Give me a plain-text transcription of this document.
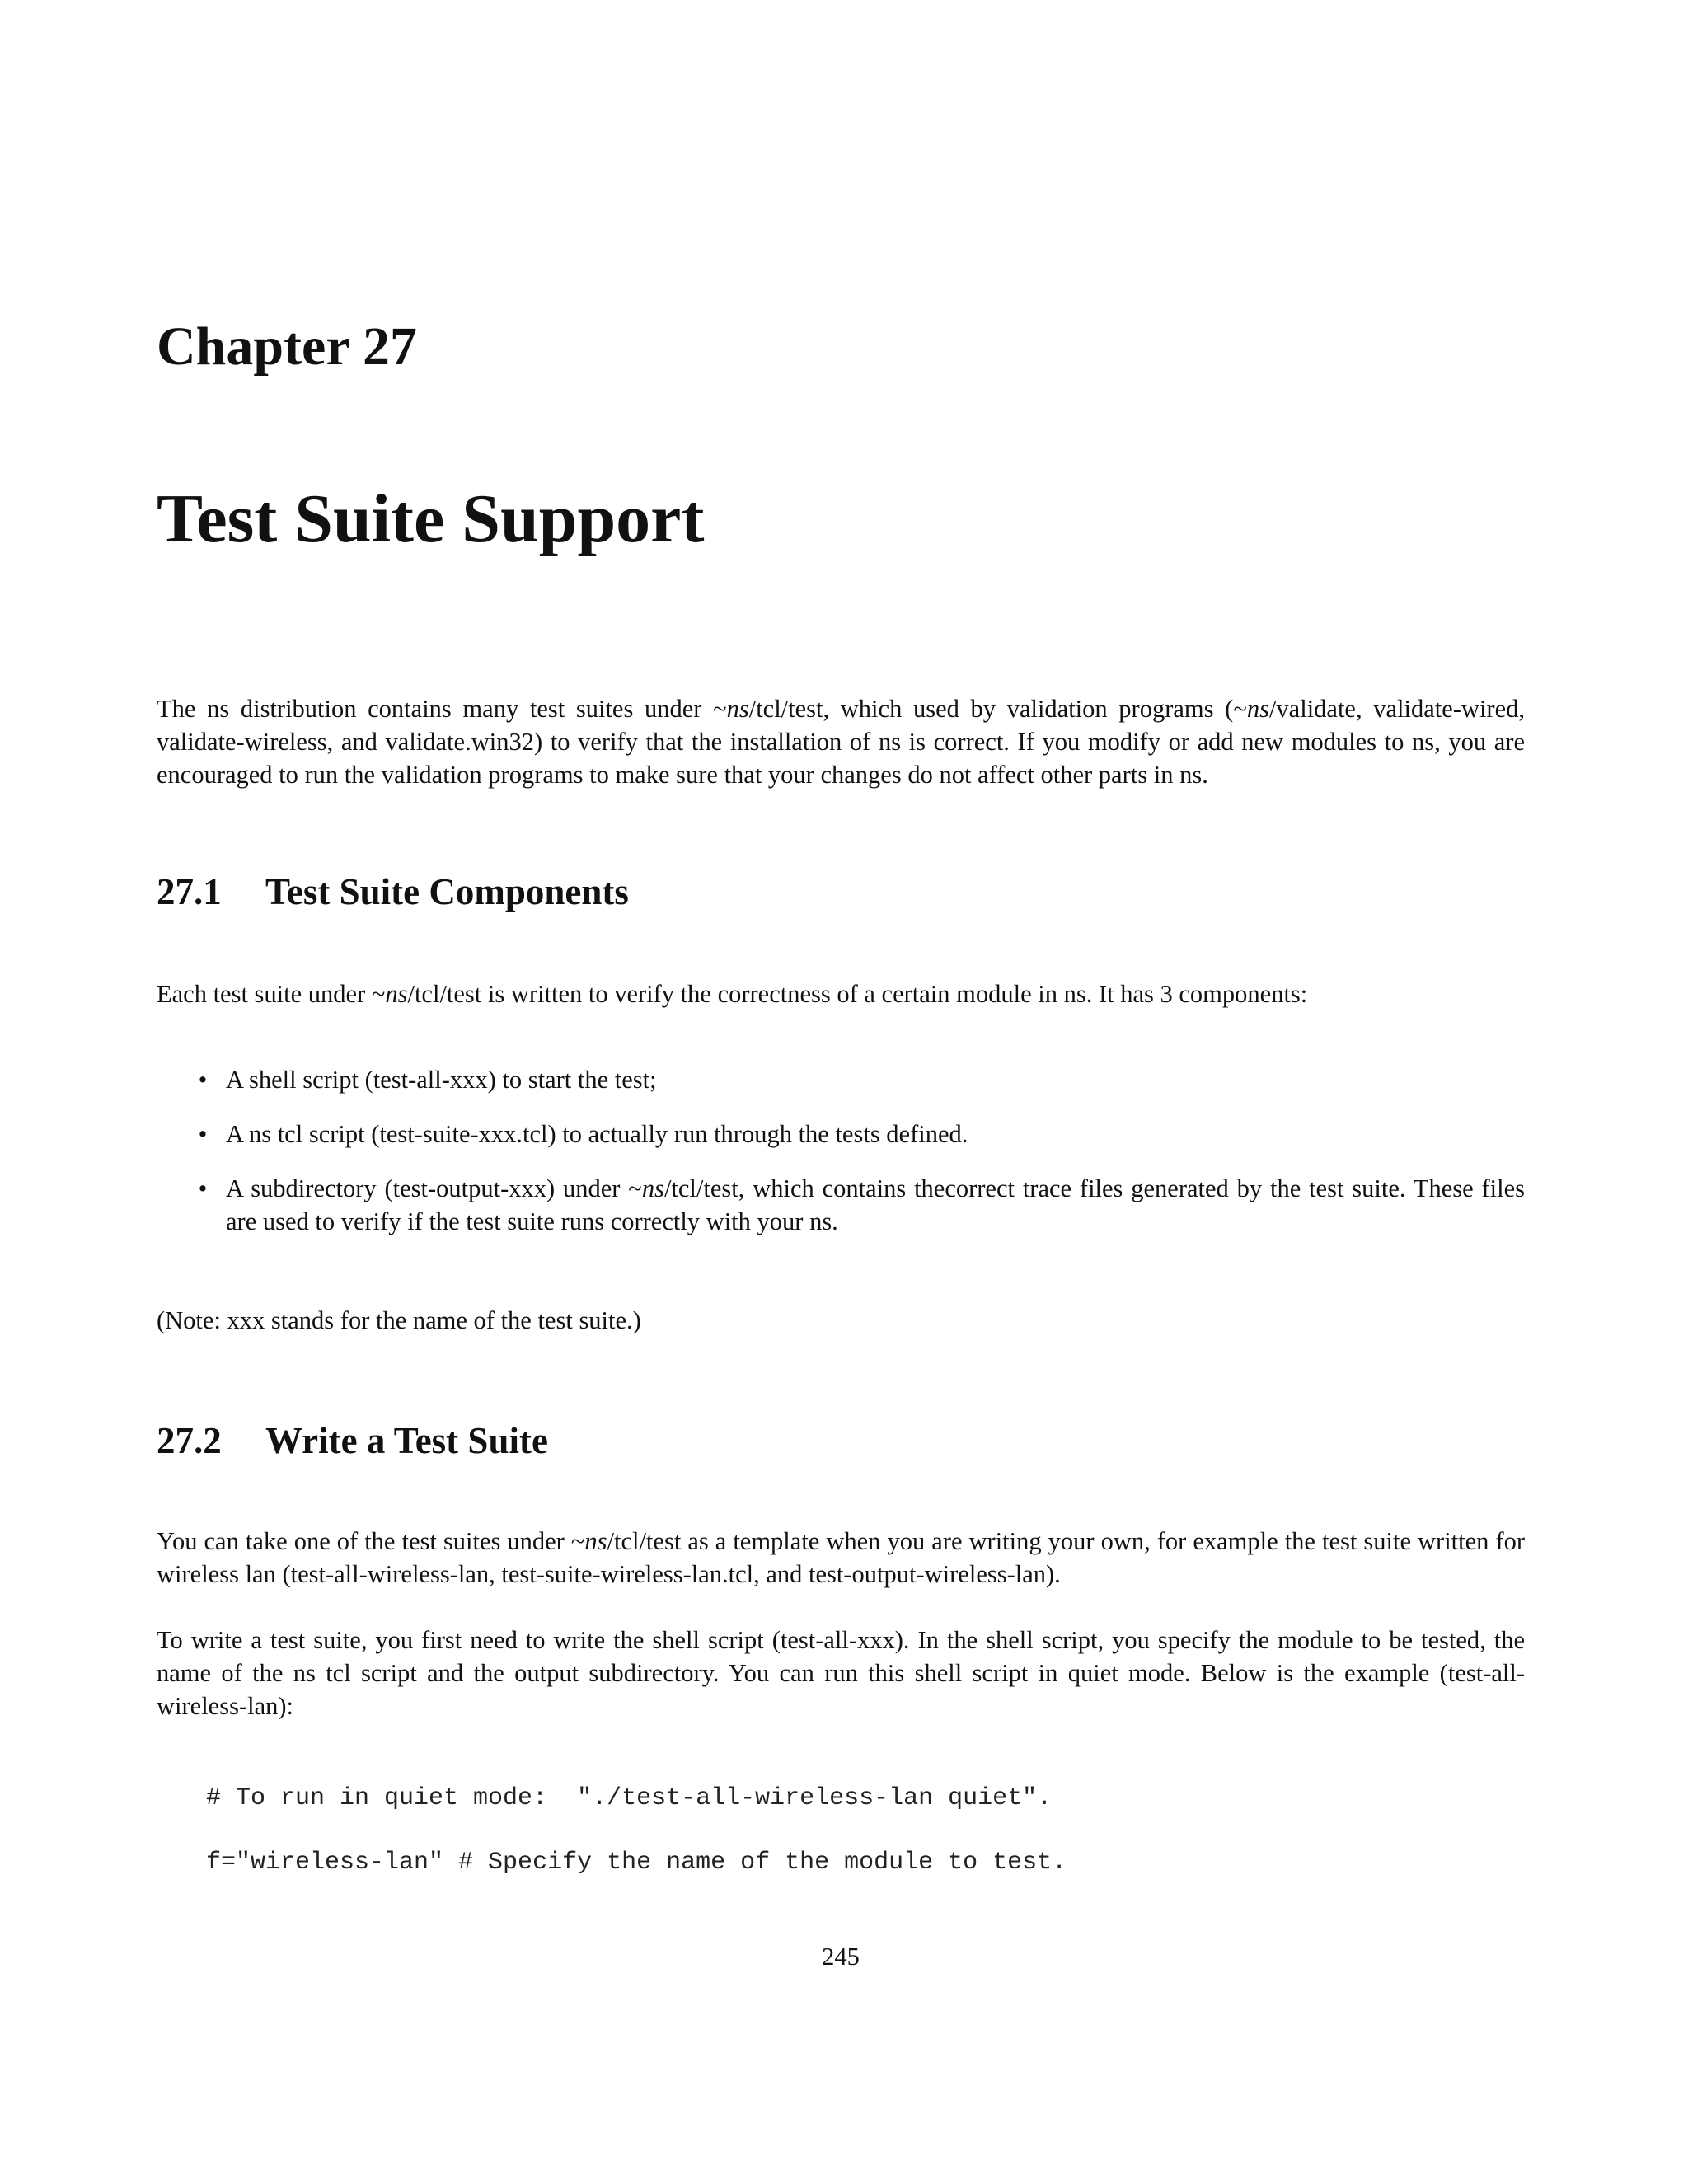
Chapter 27
Test Suite Support

The ns distribution contains many test suites under ~ns/tcl/test, which used by validation programs (~ns/validate, validate-wired, validate-wireless, and validate.win32) to verify that the installation of ns is correct. If you modify or add new modules to ns, you are encouraged to run the validation programs to make sure that your changes do not affect other parts in ns.

27.1 Test Suite Components

Each test suite under ~ns/tcl/test is written to verify the correctness of a certain module in ns. It has 3 components:

• A shell script (test-all-xxx) to start the test;
• A ns tcl script (test-suite-xxx.tcl) to actually run through the tests defined.
• A subdirectory (test-output-xxx) under ~ns/tcl/test, which contains thecorrect trace files generated by the test suite. These files are used to verify if the test suite runs correctly with your ns.

(Note: xxx stands for the name of the test suite.)

27.2 Write a Test Suite

You can take one of the test suites under ~ns/tcl/test as a template when you are writing your own, for example the test suite written for wireless lan (test-all-wireless-lan, test-suite-wireless-lan.tcl, and test-output-wireless-lan).

To write a test suite, you first need to write the shell script (test-all-xxx). In the shell script, you specify the module to be tested, the name of the ns tcl script and the output subdirectory. You can run this shell script in quiet mode. Below is the example (test-all-wireless-lan):

# To run in quiet mode:  "./test-all-wireless-lan quiet".
f="wireless-lan" # Specify the name of the module to test.
245
